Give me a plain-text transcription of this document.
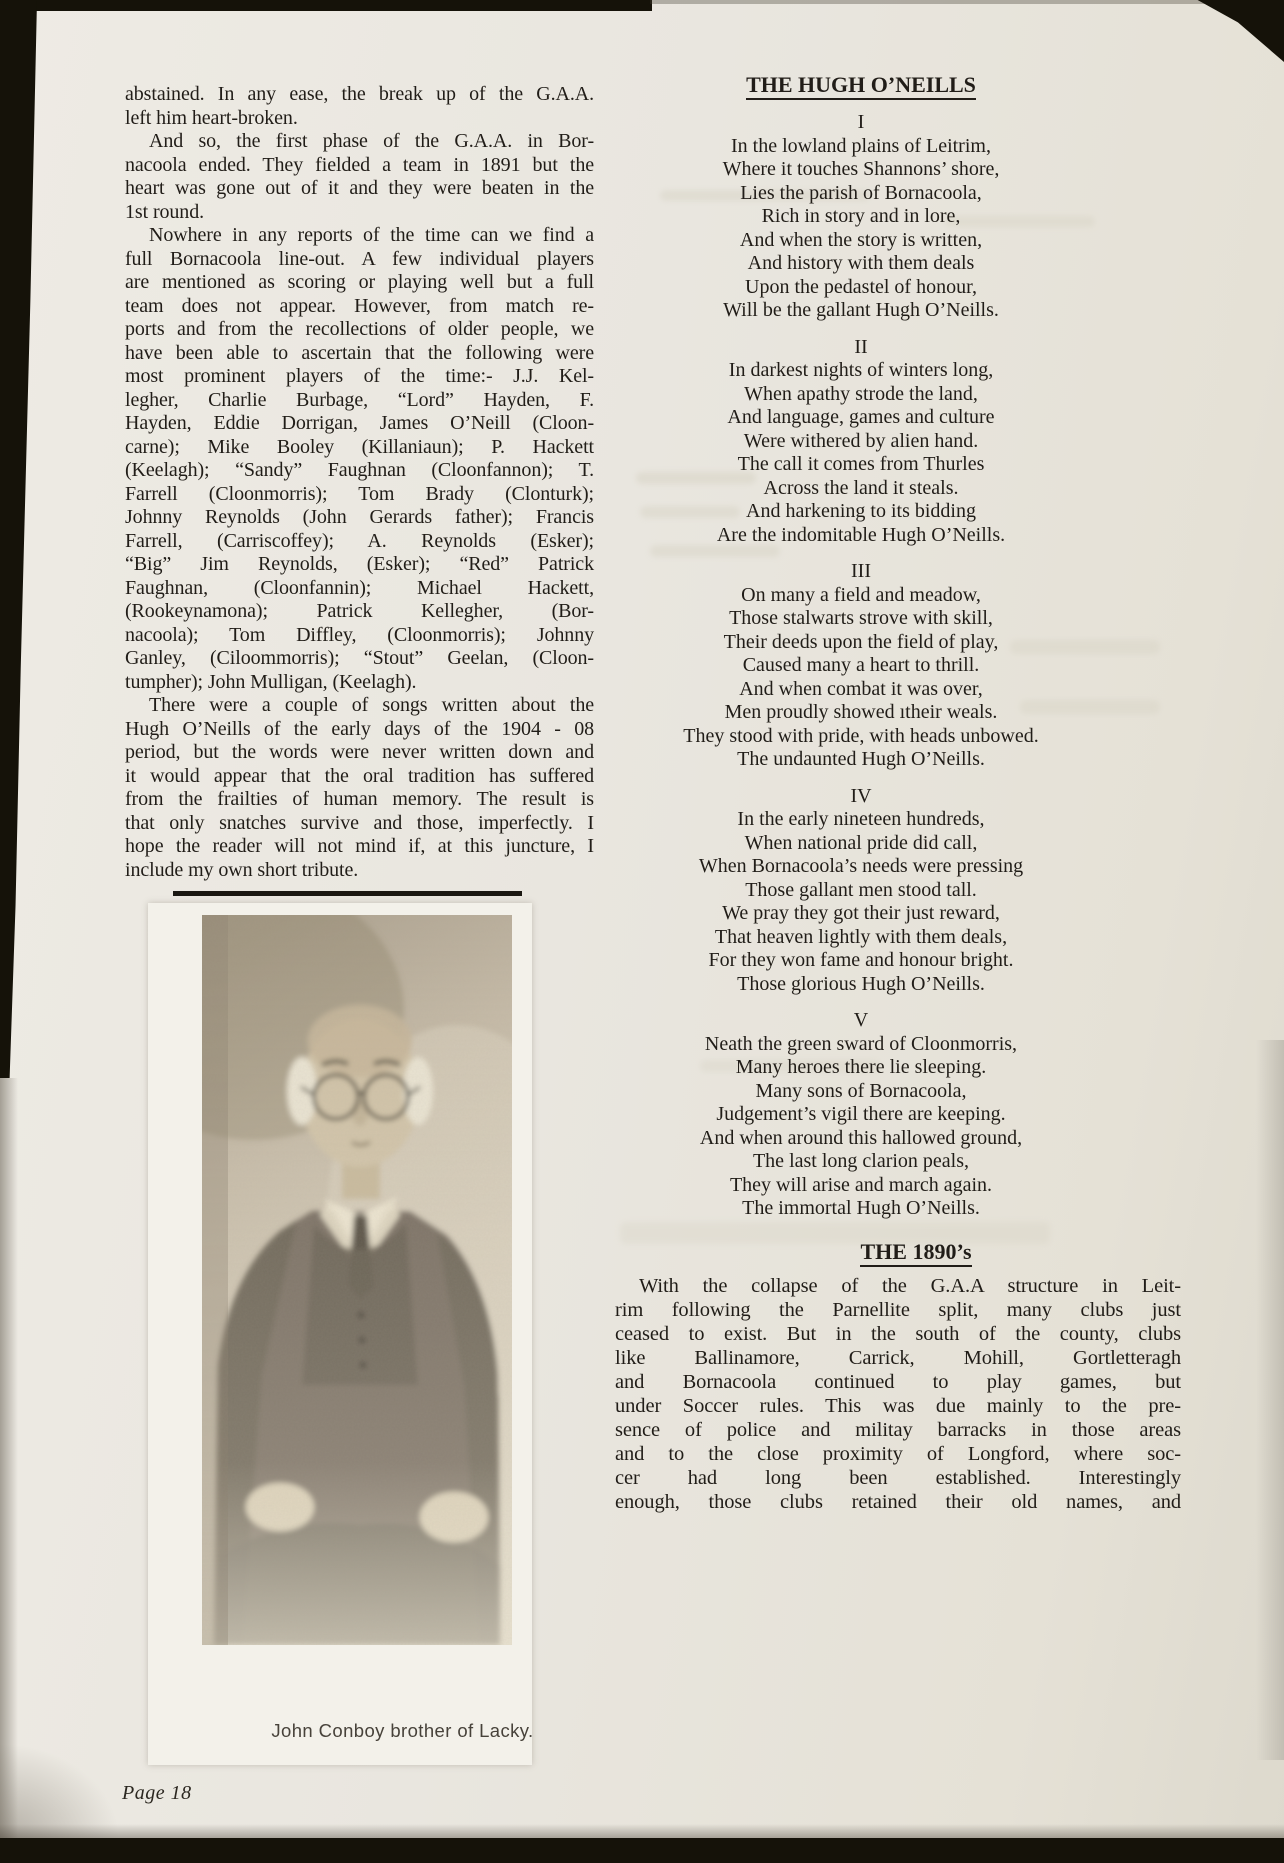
abstained. In any ease, the break up of the G.A.A.
left him heart-broken.
And so, the first phase of the G.A.A. in Bor-
nacoola ended. They fielded a team in 1891 but the
heart was gone out of it and they were beaten in the
1st round.
Nowhere in any reports of the time can we find a
full Bornacoola line-out. A few individual players
are mentioned as scoring or playing well but a full
team does not appear. However, from match re-
ports and from the recollections of older people, we
have been able to ascertain that the following were
most prominent players of the time:- J.J. Kel-
legher, Charlie Burbage, “Lord” Hayden, F.
Hayden, Eddie Dorrigan, James O’Neill (Cloon-
carne); Mike Booley (Killaniaun); P. Hackett
(Keelagh); “Sandy” Faughnan (Cloonfannon); T.
Farrell (Cloonmorris); Tom Brady (Clonturk);
Johnny Reynolds (John Gerards father); Francis
Farrell, (Carriscoffey); A. Reynolds (Esker);
“Big” Jim Reynolds, (Esker); “Red” Patrick
Faughnan, (Cloonfannin); Michael Hackett,
(Rookeynamona); Patrick Kellegher, (Bor-
nacoola); Tom Diffley, (Cloonmorris); Johnny
Ganley, (Ciloommorris); “Stout” Geelan, (Cloon-
tumpher); John Mulligan, (Keelagh).
There were a couple of songs written about the
Hugh O’Neills of the early days of the 1904 - 08
period, but the words were never written down and
it would appear that the oral tradition has suffered
from the frailties of human memory. The result is
that only snatches survive and those, imperfectly. I
hope the reader will not mind if, at this juncture, I
include my own short tribute.
THE HUGH O’NEILLS
I
In the lowland plains of Leitrim,
Where it touches Shannons’ shore,
Lies the parish of Bornacoola,
Rich in story and in lore,
And when the story is written,
And history with them deals
Upon the pedastel of honour,
Will be the gallant Hugh O’Neills.
II
In darkest nights of winters long,
When apathy strode the land,
And language, games and culture
Were withered by alien hand.
The call it comes from Thurles
Across the land it steals.
And harkening to its bidding
Are the indomitable Hugh O’Neills.
III
On many a field and meadow,
Those stalwarts strove with skill,
Their deeds upon the field of play,
Caused many a heart to thrill.
And when combat it was over,
Men proudly showed ıtheir weals.
They stood with pride, with heads unbowed.
The undaunted Hugh O’Neills.
IV
In the early nineteen hundreds,
When national pride did call,
When Bornacoola’s needs were pressing
Those gallant men stood tall.
We pray they got their just reward,
That heaven lightly with them deals,
For they won fame and honour bright.
Those glorious Hugh O’Neills.
V
Neath the green sward of Cloonmorris,
Many heroes there lie sleeping.
Many sons of Bornacoola,
Judgement’s vigil there are keeping.
And when around this hallowed ground,
The last long clarion peals,
They will arise and march again.
The immortal Hugh O’Neills.
THE 1890’s
With the collapse of the G.A.A structure in Leit-
rim following the Parnellite split, many clubs just
ceased to exist. But in the south of the county, clubs
like Ballinamore, Carrick, Mohill, Gortletteragh
and Bornacoola continued to play games, but
under Soccer rules. This was due mainly to the pre-
sence of police and militay barracks in those areas
and to the close proximity of Longford, where soc-
cer had long been established. Interestingly
enough, those clubs retained their old names, and
John Conboy brother of Lacky.
Page 18
